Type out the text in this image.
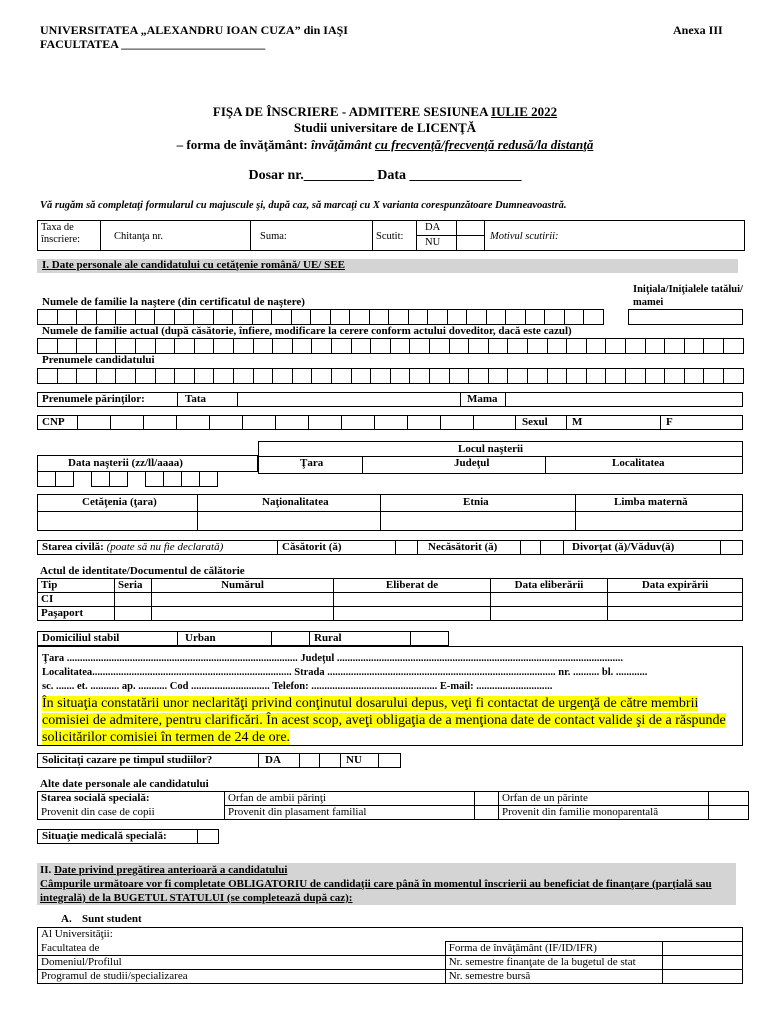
UNIVERSITATEA „ALEXANDRU IOAN CUZA” din IAŞI
FACULTATEA ________________________
Anexa III
FIŞA DE ÎNSCRIERE - ADMITERE SESIUNEA IULIE 2022
Studii universitare de LICENŢĂ
– forma de învăţământ: învăţământ cu frecvenţă/frecvenţă redusă/la distanţă
Dosar nr.__________ Data ________________
Vă rugăm să completaţi formularul cu majuscule şi, după caz, să marcaţi cu X varianta corespunzătoare Dumneavoastră.
Taxa de înscriere:	Chitanţa nr.	Suma:	Scutit:
DA
NU
Motivul scutirii:
I. Date personale ale candidatului cu cetăţenie română/ UE/ SEE
Numele de familie la naştere (din certificatul de naştere)
Iniţiala/Iniţialele tatălui/ mamei
Numele de familie actual (după căsătorie, înfiere, modificare la cerere conform actului doveditor, dacă este cazul)
Prenumele candidatului
Prenumele părinţilor:	Tata	Mama
CNP	Sexul M	F
Data naşterii (zz/ll/aaaa)
Locul naşterii
Ţara	Judeţul	Localitatea
Cetăţenia (ţara)	Naţionalitatea	Etnia	Limba maternă
Starea civilă: (poate să nu fie declarată)	Căsătorit (ă)	Necăsătorit (ă)	Divorţat (ă)/Văduv(ă)
Actul de identitate/Documentul de călătorie
Tip	Seria	Numărul	Eliberat de	Data eliberării	Data expirării
CI					
Paşaport					
Domiciliul stabil	Urban	Rural
Ţara ........................................................................................ Judeţul .............................................................................................................
Localitatea............................................................................ Strada ....................................................................................... nr. .......... bl. ............
sc. ....... et. ........... ap. ........... Cod .............................. Telefon: ................................................ E-mail: .............................
În situaţia constatării unor neclarităţi privind conţinutul dosarului depus, veţi fi contactat de urgenţă de către membrii comisiei de admitere, pentru clarificări. În acest scop, aveţi obligaţia de a menţiona date de contact valide şi de a răspunde solicitărilor comisiei în termen de 24 de ore.
Solicitaţi cazare pe timpul studiilor?	DA	NU
Alte date personale ale candidatului
Starea socială specială:	Orfan de ambii părinţi		Orfan de un părinte	
Provenit din case de copii	Provenit din plasament familial		Provenit din familie monoparentală	
Situaţie medicală specială:
II. Date privind pregătirea anterioară a candidatului
Câmpurile următoare vor fi completate OBLIGATORIU de candidaţii care până în momentul înscrierii au beneficiat de finanţare (parţială sau integrală) de la BUGETUL STATULUI (se completează după caz):
A. Sunt student
Al Universităţii:		
Facultatea de	Forma de învăţământ (IF/ID/IFR)	
Domeniul/Profilul	Nr. semestre finanţate de la bugetul de stat	

Programul de studii/specializarea	Nr. semestre bursă	
